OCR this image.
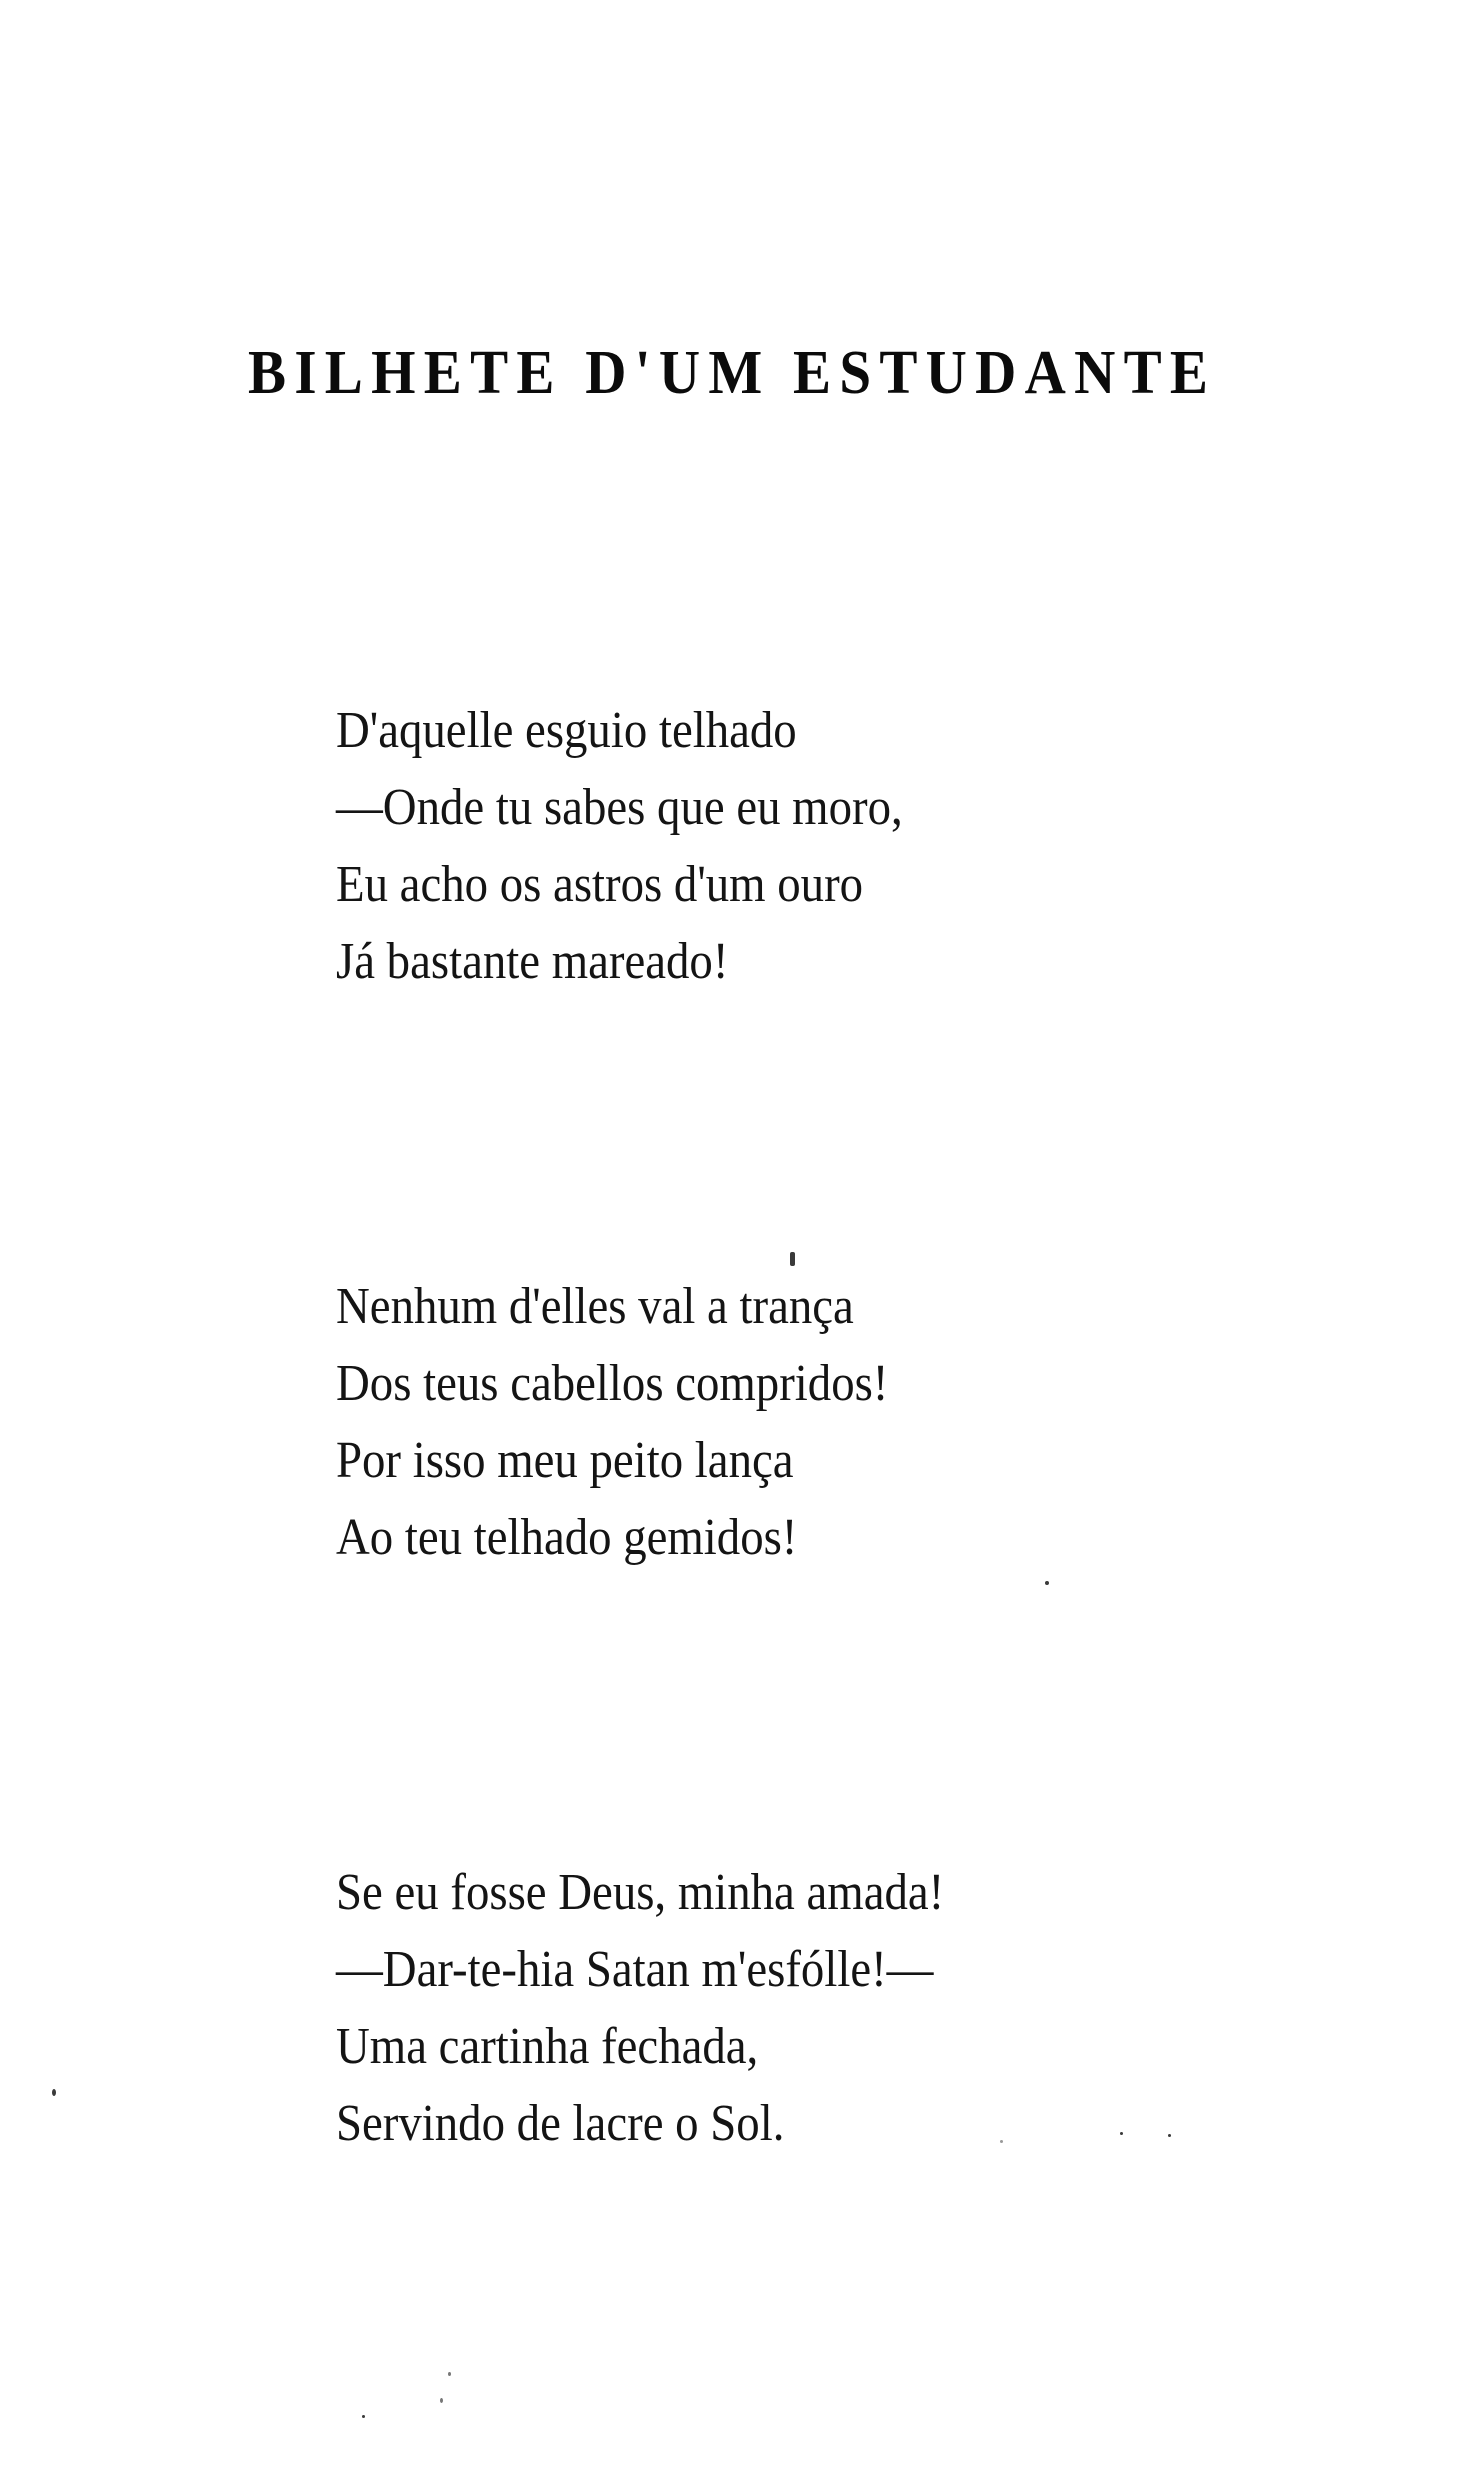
BILHETE D'UM ESTUDANTE
D'aquelle esguio telhado
—Onde tu sabes que eu moro,
Eu acho os astros d'um ouro
Já bastante mareado!
Nenhum d'elles val a trança
Dos teus cabellos compridos!
Por isso meu peito lança
Ao teu telhado gemidos!
Se eu fosse Deus, minha amada!
—Dar-te-hia Satan m'esfólle!—
Uma cartinha fechada,
Servindo de lacre o Sol.
